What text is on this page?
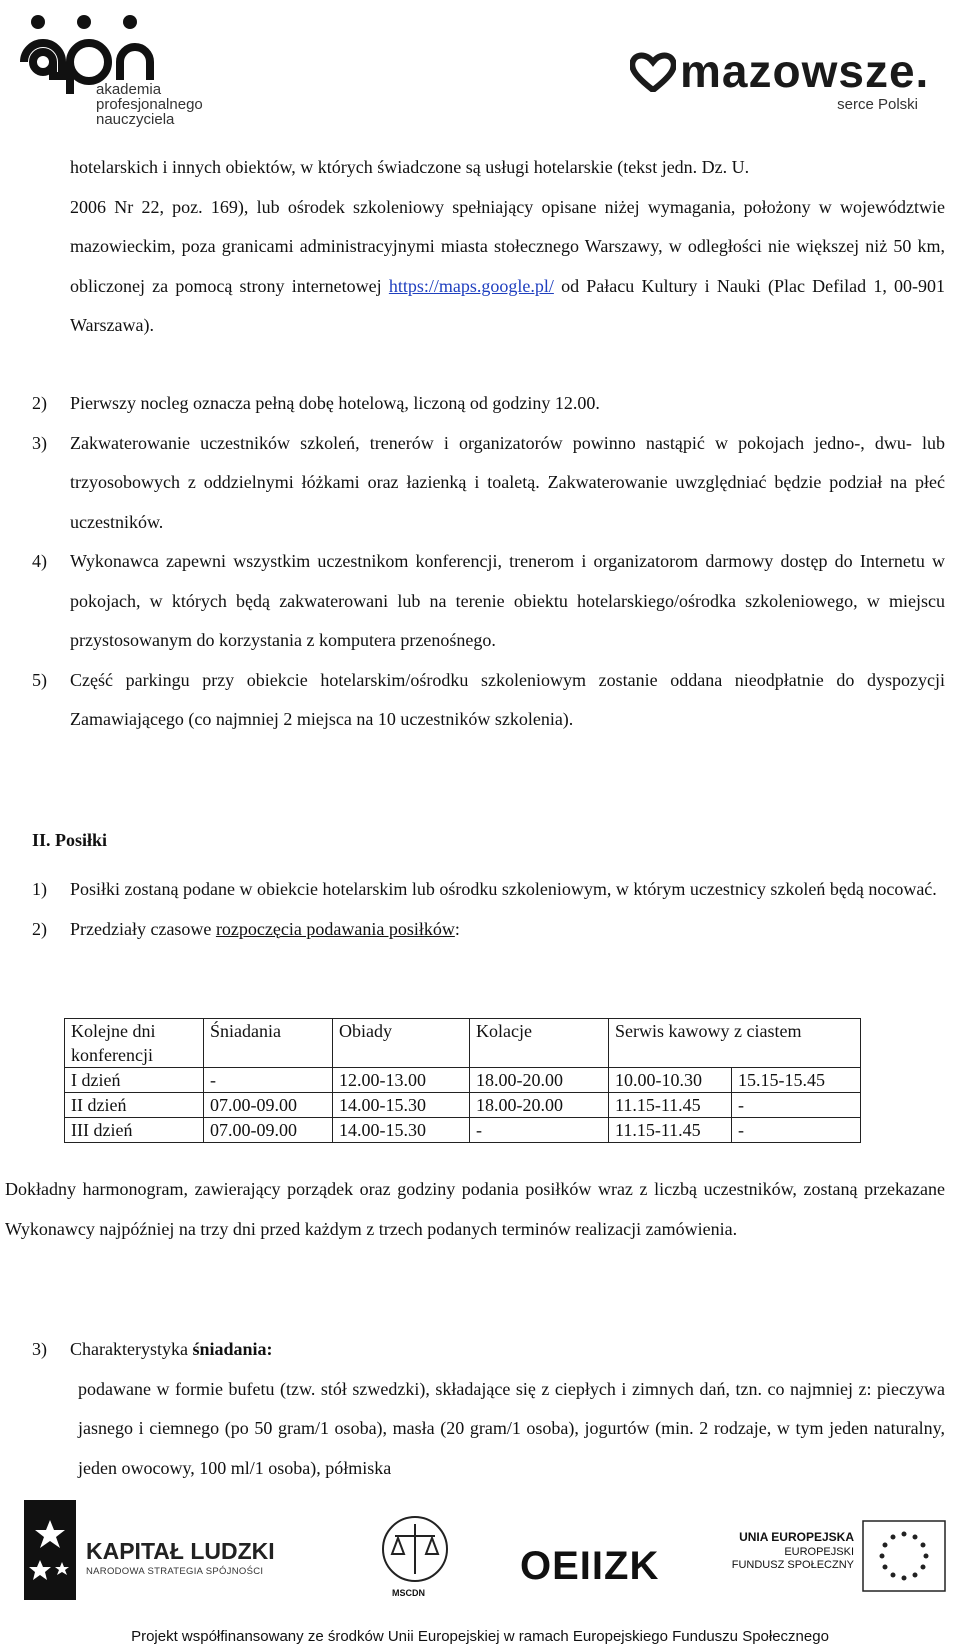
akademia
profesjonalnego
nauczyciela
mazowsze.
serce Polski

hotelarskich i innych obiektów, w których świadczone są usługi hotelarskie (tekst jedn. Dz. U.

2006 Nr 22, poz. 169), lub ośrodek szkoleniowy spełniający opisane niżej wymagania, położony w województwie mazowieckim, poza granicami administracyjnymi miasta stołecznego Warszawy, w odległości nie większej niż 50 km, obliczonej za pomocą strony internetowej https://maps.google.pl/ od Pałacu Kultury i Nauki (Plac Defilad 1, 00-901 Warszawa).

2) Pierwszy nocleg oznacza pełną dobę hotelową, liczoną od godziny 12.00.
3) Zakwaterowanie uczestników szkoleń, trenerów i organizatorów powinno nastąpić w pokojach jedno-, dwu- lub trzyosobowych z oddzielnymi łóżkami oraz łazienką i toaletą. Zakwaterowanie uwzględniać będzie podział na płeć uczestników.
4) Wykonawca zapewni wszystkim uczestnikom konferencji, trenerom i organizatorom darmowy dostęp do Internetu w pokojach, w których będą zakwaterowani lub na terenie obiektu hotelarskiego/ośrodka szkoleniowego, w miejscu przystosowanym do korzystania z komputera przenośnego.
5) Część parkingu przy obiekcie hotelarskim/ośrodku szkoleniowym zostanie oddana nieodpłatnie do dyspozycji Zamawiającego (co najmniej 2 miejsca na 10 uczestników szkolenia).
II. Posiłki
1) Posiłki zostaną podane w obiekcie hotelarskim lub ośrodku szkoleniowym, w którym uczestnicy szkoleń będą nocować.
2) Przedziały czasowe rozpoczęcia podawania posiłków:
Kolejne dni konferencji	Śniadania	Obiady	Kolacje	Serwis kawowy z ciastem	
I dzień	-	12.00-13.00	18.00-20.00	10.00-10.30	15.15-15.45
II dzień	07.00-09.00	14.00-15.30	18.00-20.00	11.15-11.45	-
III dzień	07.00-09.00	14.00-15.30	-	11.15-11.45	-

Dokładny harmonogram, zawierający porządek oraz godziny podania posiłków wraz z liczbą uczestników, zostaną przekazane Wykonawcy najpóźniej na trzy dni przed każdym z trzech podanych terminów realizacji zamówienia.

3) Charakterystyka śniadania:

podawane w formie bufetu (tzw. stół szwedzki), składające się z ciepłych i zimnych dań, tzn. co najmniej z: pieczywa jasnego i ciemnego (po 50 gram/1 osoba), masła (20 gram/1 osoba), jogurtów (min. 2 rodzaje, w tym jeden naturalny, jeden owocowy, 100 ml/1 osoba), półmiska

KAPITAŁ LUDZKI
NARODOWA STRATEGIA SPÓJNOŚCI
MSCDN
OEIIZK
UNIA EUROPEJSKA
EUROPEJSKI
FUNDUSZ SPOŁECZNY
Projekt współfinansowany ze środków Unii Europejskiej w ramach Europejskiego Funduszu Społecznego
